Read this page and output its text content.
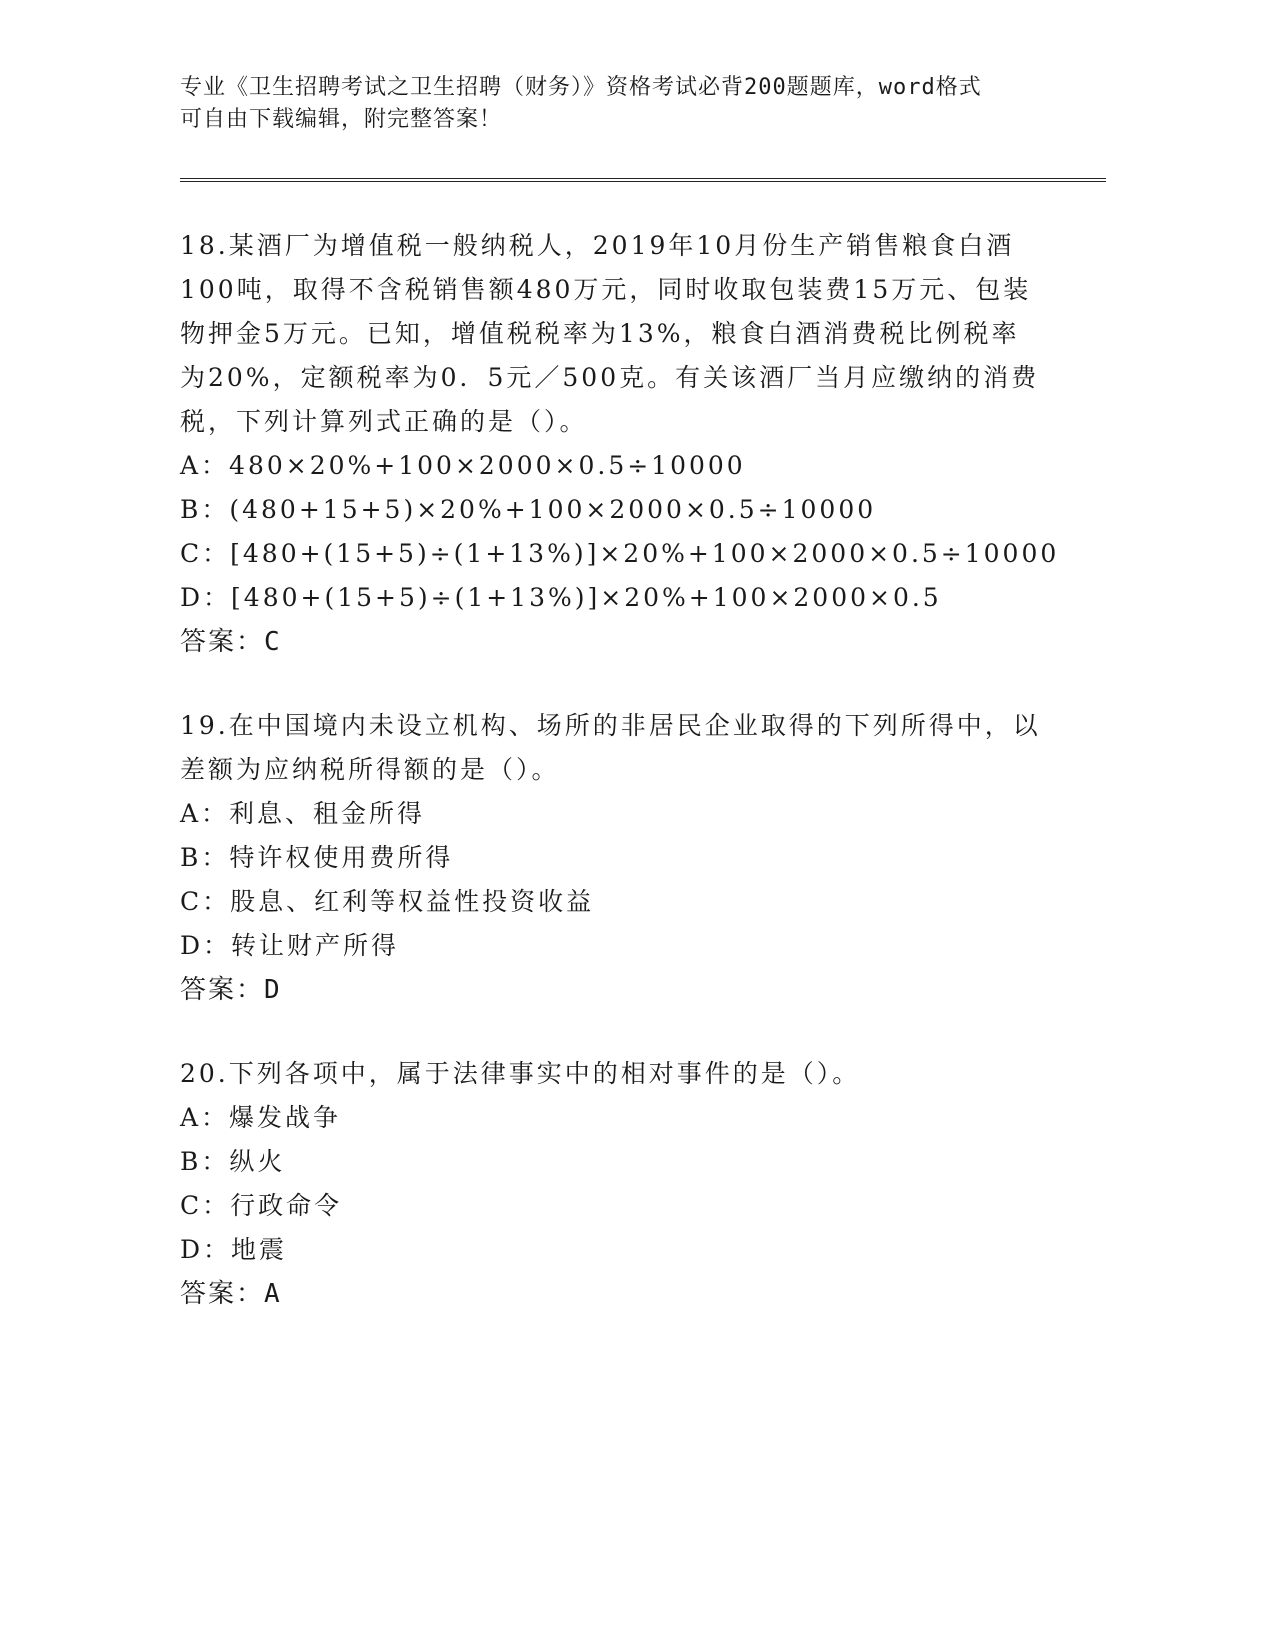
专业《卫生招聘考试之卫生招聘（财务）》资格考试必背200题题库，word格式
可自由下载编辑，附完整答案！
18.某酒厂为增值税一般纳税人，2019年10月份生产销售粮食白酒
100吨，取得不含税销售额480万元，同时收取包装费15万元、包装
物押金5万元。已知，增值税税率为13%，粮食白酒消费税比例税率
为20%，定额税率为0．5元／500克。有关该酒厂当月应缴纳的消费
税，下列计算列式正确的是（）。
A：480×20%+100×2000×0.5÷10000
B：(480+15+5)×20%+100×2000×0.5÷10000
C：[480+(15+5)÷(1+13%)]×20%+100×2000×0.5÷10000
D：[480+(15+5)÷(1+13%)]×20%+100×2000×0.5
答案：C
19.在中国境内未设立机构、场所的非居民企业取得的下列所得中，以
差额为应纳税所得额的是（）。
A：利息、租金所得
B：特许权使用费所得
C：股息、红利等权益性投资收益
D：转让财产所得
答案：D
20.下列各项中，属于法律事实中的相对事件的是（）。
A：爆发战争
B：纵火
C：行政命令
D：地震
答案：A
